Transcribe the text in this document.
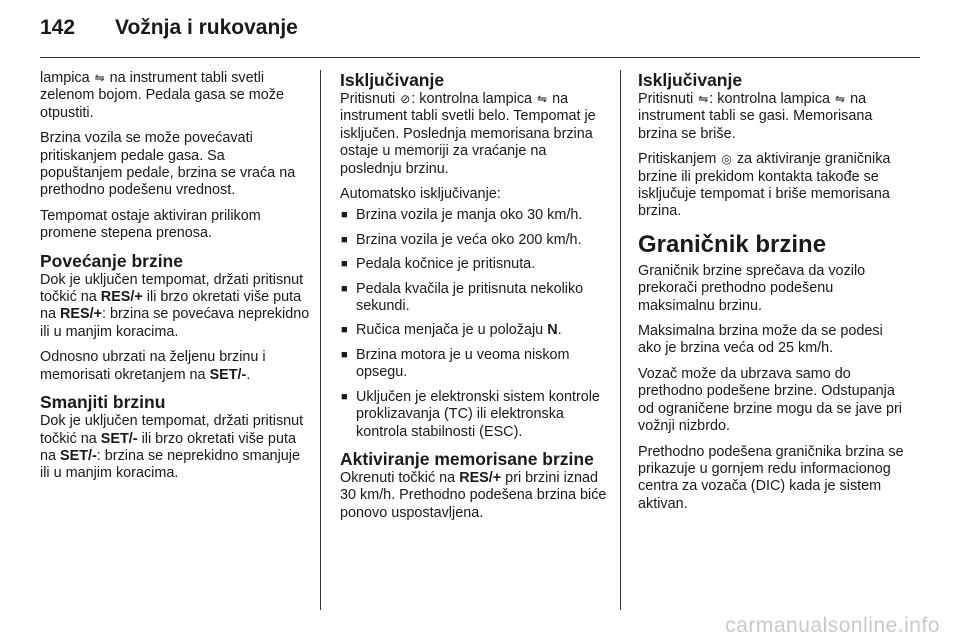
142	Vožnja i rukovanje

lampica ⇋ na instrument tabli svetli zelenom bojom. Pedala gasa se može otpustiti.

Brzina vozila se može povećavati pritiskanjem pedale gasa. Sa popuštanjem pedale, brzina se vraća na prethodno podešenu vrednost.

Tempomat ostaje aktiviran prilikom promene stepena prenosa.

Povećanje brzine

Dok je uključen tempomat, držati pritisnut točkić na RES/+ ili brzo okretati više puta na RES/+: brzina se povećava neprekidno ili u manjim koracima.

Odnosno ubrzati na željenu brzinu i memorisati okretanjem na SET/-.

Smanjiti brzinu

Dok je uključen tempomat, držati pritisnut točkić na SET/- ili brzo okretati više puta na SET/-: brzina se neprekidno smanjuje ili u manjim koracima.

Isključivanje

Pritisnuti ⊘: kontrolna lampica ⇋ na instrument tabli svetli belo. Tempomat je isključen. Poslednja memorisana brzina ostaje u memoriji za vraćanje na poslednju brzinu.

Automatsko isključivanje:

■ Brzina vozila je manja oko 30 km/h.
■ Brzina vozila je veća oko 200 km/h.
■ Pedala kočnice je pritisnuta.
■ Pedala kvačila je pritisnuta nekoliko sekundi.
■ Ručica menjača je u položaju N.
■ Brzina motora je u veoma niskom opsegu.
■ Uključen je elektronski sistem kontrole proklizavanja (TC) ili elektronska kontrola stabilnosti (ESC).
Aktiviranje memorisane brzine

Okrenuti točkić na RES/+ pri brzini iznad 30 km/h. Prethodno podešena brzina biće ponovo uspostavljena.

Isključivanje

Pritisnuti ⇋: kontrolna lampica ⇋ na instrument tabli se gasi. Memorisana brzina se briše.

Pritiskanjem ◎ za aktiviranje graničnika brzine ili prekidom kontakta takođe se isključuje tempomat i briše memorisana brzina.

Graničnik brzine

Graničnik brzine sprečava da vozilo prekorači prethodno podešenu maksimalnu brzinu.

Maksimalna brzina može da se podesi ako je brzina veća od 25 km/h.

Vozač može da ubrzava samo do prethodno podešene brzine. Odstupanja od ograničene brzine mogu da se jave pri vožnji nizbrdo.

Prethodno podešena graničnika brzina se prikazuje u gornjem redu informacionog centra za vozača (DIC) kada je sistem aktivan.

carmanualsonline.info
